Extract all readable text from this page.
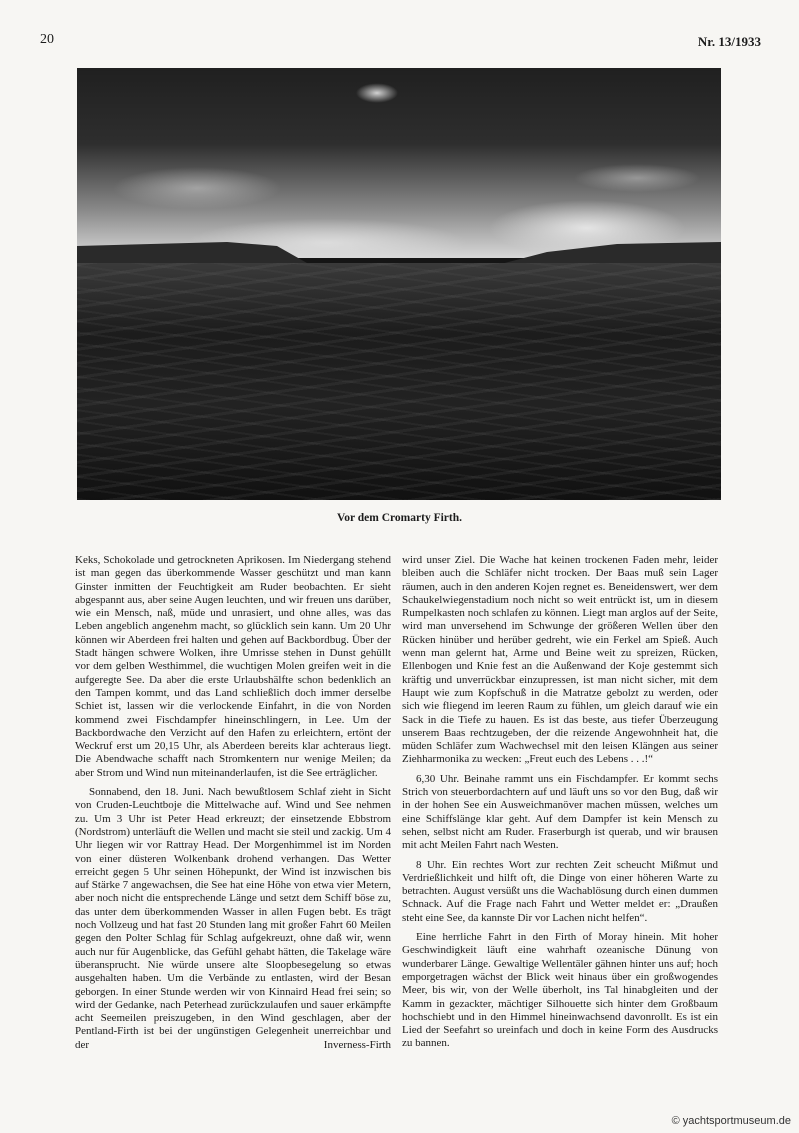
20	Nr. 13/1933
Vor dem Cromarty Firth.

Keks, Schokolade und getrockneten Aprikosen. Im Niedergang stehend ist man gegen das überkommende Wasser geschützt und man kann Ginster inmitten der Feuchtigkeit am Ruder beobachten. Er sieht abgespannt aus, aber seine Augen leuchten, und wir freuen uns darüber, wie ein Mensch, naß, müde und unrasiert, und ohne alles, was das Leben angeblich angenehm macht, so glücklich sein kann. Um 20 Uhr können wir Aberdeen frei halten und gehen auf Backbordbug. Über der Stadt hängen schwere Wolken, ihre Umrisse stehen in Dunst gehüllt vor dem gelben Westhimmel, die wuchtigen Molen greifen weit in die aufgeregte See. Da aber die erste Urlaubshälfte schon bedenklich an den Tampen kommt, und das Land schließlich doch immer derselbe Schiet ist, lassen wir die verlockende Einfahrt, in die von Norden kommend zwei Fischdampfer hineinschlingern, in Lee. Um der Backbordwache den Verzicht auf den Hafen zu erleichtern, ertönt der Weckruf erst um 20,15 Uhr, als Aberdeen bereits klar achteraus liegt. Die Abendwache schafft nach Stromkentern nur wenige Meilen; da aber Strom und Wind nun miteinanderlaufen, ist die See erträglicher.

Sonnabend, den 18. Juni. Nach bewußtlosem Schlaf zieht in Sicht von Cruden-Leuchtboje die Mittelwache auf. Wind und See nehmen zu. Um 3 Uhr ist Peter Head erkreuzt; der einsetzende Ebbstrom (Nordstrom) unterläuft die Wellen und macht sie steil und zackig. Um 4 Uhr liegen wir vor Rattray Head. Der Morgenhimmel ist im Norden von einer düsteren Wolkenbank drohend verhangen. Das Wetter erreicht gegen 5 Uhr seinen Höhepunkt, der Wind ist inzwischen bis auf Stärke 7 angewachsen, die See hat eine Höhe von etwa vier Metern, aber noch nicht die entsprechende Länge und setzt dem Schiff böse zu, das unter dem überkommenden Wasser in allen Fugen bebt. Es trägt noch Vollzeug und hat fast 20 Stunden lang mit großer Fahrt 60 Meilen gegen den Polter Schlag für Schlag aufgekreuzt, ohne daß wir, wenn auch nur für Augenblicke, das Gefühl gehabt hätten, die Takelage wäre überansprucht. Nie würde unsere alte Sloopbesegelung so etwas ausgehalten haben. Um die Verbände zu entlasten, wird der Besan geborgen. In einer Stunde werden wir von Kinnaird Head frei sein; so wird der Gedanke, nach Peterhead zurückzulaufen und sauer erkämpfte acht Seemeilen preiszugeben, in den Wind geschlagen, aber der Pentland-Firth ist bei der ungünstigen Gelegenheit unerreichbar und der Inverness-Firth

wird unser Ziel. Die Wache hat keinen trockenen Faden mehr, leider bleiben auch die Schläfer nicht trocken. Der Baas muß sein Lager räumen, auch in den anderen Kojen regnet es. Beneidenswert, wer dem Schaukelwiegenstadium noch nicht so weit entrückt ist, um in diesem Rumpelkasten noch schlafen zu können. Liegt man arglos auf der Seite, wird man unversehend im Schwunge der größeren Wellen über den Rücken hinüber und herüber gedreht, wie ein Ferkel am Spieß. Auch wenn man gelernt hat, Arme und Beine weit zu spreizen, Rücken, Ellenbogen und Knie fest an die Außenwand der Koje gestemmt sich kräftig und unverrückbar einzupressen, ist man nicht sicher, mit dem Haupt wie zum Kopfschuß in die Matratze gebolzt zu werden, oder sich wie fliegend im leeren Raum zu fühlen, um gleich darauf wie ein Sack in die Tiefe zu hauen. Es ist das beste, aus tiefer Überzeugung unserem Baas rechtzugeben, der die reizende Angewohnheit hat, die müden Schläfer zum Wachwechsel mit den leisen Klängen aus seiner Ziehharmonika zu wecken: „Freut euch des Lebens . . .!“

6,30 Uhr. Beinahe rammt uns ein Fischdampfer. Er kommt sechs Strich von steuerbordachtern auf und läuft uns so vor den Bug, daß wir in der hohen See ein Ausweichmanöver machen müssen, welches um eine Schiffslänge klar geht. Auf dem Dampfer ist kein Mensch zu sehen, selbst nicht am Ruder. Fraserburgh ist querab, und wir brausen mit acht Meilen Fahrt nach Westen.

8 Uhr. Ein rechtes Wort zur rechten Zeit scheucht Mißmut und Verdrießlichkeit und hilft oft, die Dinge von einer höheren Warte zu betrachten. August versüßt uns die Wachablösung durch einen dummen Schnack. Auf die Frage nach Fahrt und Wetter meldet er: „Draußen steht eine See, da kannste Dir vor Lachen nicht helfen“.

Eine herrliche Fahrt in den Firth of Moray hinein. Mit hoher Geschwindigkeit läuft eine wahrhaft ozeanische Dünung von wunderbarer Länge. Gewaltige Wellentäler gähnen hinter uns auf; hoch emporgetragen wächst der Blick weit hinaus über ein großwogendes Meer, bis wir, von der Welle überholt, ins Tal hinabgleiten und der Kamm in gezackter, mächtiger Silhouette sich hinter dem Großbaum hochschiebt und in den Himmel hineinwachsend davonrollt. Es ist ein Lied der Seefahrt so ureinfach und doch in keine Form des Ausdrucks zu bannen.

© yachtsportmuseum.de
